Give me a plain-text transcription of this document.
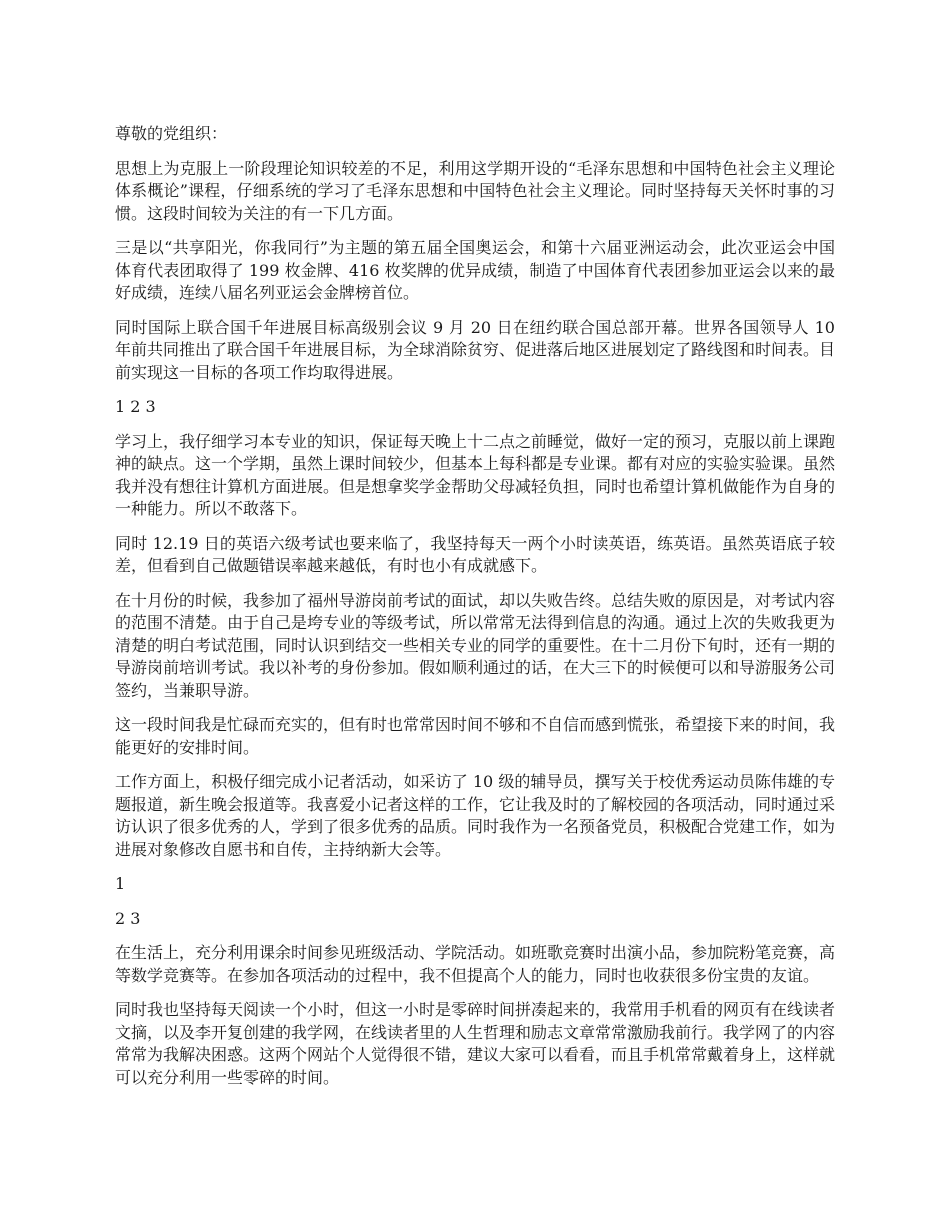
尊敬的党组织：

思想上为克服上一阶段理论知识较差的不足，利用这学期开设的“毛泽东思想和中国特色社会主义理论体系概论”课程，仔细系统的学习了毛泽东思想和中国特色社会主义理论。同时坚持每天关怀时事的习惯。这段时间较为关注的有一下几方面。

三是以“共享阳光，你我同行”为主题的第五届全国奥运会，和第十六届亚洲运动会，此次亚运会中国体育代表团取得了 199 枚金牌、416 枚奖牌的优异成绩，制造了中国体育代表团参加亚运会以来的最好成绩，连续八届名列亚运会金牌榜首位。

同时国际上联合国千年进展目标高级别会议 9 月 20 日在纽约联合国总部开幕。世界各国领导人 10 年前共同推出了联合国千年进展目标，为全球消除贫穷、促进落后地区进展划定了路线图和时间表。目前实现这一目标的各项工作均取得进展。

1 2 3

学习上，我仔细学习本专业的知识，保证每天晚上十二点之前睡觉，做好一定的预习，克服以前上课跑神的缺点。这一个学期，虽然上课时间较少，但基本上每科都是专业课。都有对应的实验实验课。虽然我并没有想往计算机方面进展。但是想拿奖学金帮助父母减轻负担，同时也希望计算机做能作为自身的一种能力。所以不敢落下。

同时 12.19 日的英语六级考试也要来临了，我坚持每天一两个小时读英语，练英语。虽然英语底子较差，但看到自己做题错误率越来越低，有时也小有成就感下。

在十月份的时候，我参加了福州导游岗前考试的面试，却以失败告终。总结失败的原因是，对考试内容的范围不清楚。由于自己是垮专业的等级考试，所以常常无法得到信息的沟通。通过上次的失败我更为清楚的明白考试范围，同时认识到结交一些相关专业的同学的重要性。在十二月份下旬时，还有一期的导游岗前培训考试。我以补考的身份参加。假如顺利通过的话，在大三下的时候便可以和导游服务公司签约，当兼职导游。

这一段时间我是忙碌而充实的，但有时也常常因时间不够和不自信而感到慌张，希望接下来的时间，我能更好的安排时间。

工作方面上，积极仔细完成小记者活动，如采访了 10 级的辅导员，撰写关于校优秀运动员陈伟雄的专题报道，新生晚会报道等。我喜爱小记者这样的工作，它让我及时的了解校园的各项活动，同时通过采访认识了很多优秀的人，学到了很多优秀的品质。同时我作为一名预备党员，积极配合党建工作，如为进展对象修改自愿书和自传，主持纳新大会等。

1

2 3

在生活上，充分利用课余时间参见班级活动、学院活动。如班歌竞赛时出演小品，参加院粉笔竞赛，高等数学竞赛等。在参加各项活动的过程中，我不但提高个人的能力，同时也收获很多份宝贵的友谊。

同时我也坚持每天阅读一个小时，但这一小时是零碎时间拼凑起来的，我常用手机看的网页有在线读者文摘，以及李开复创建的我学网，在线读者里的人生哲理和励志文章常常激励我前行。我学网了的内容常常为我解决困惑。这两个网站个人觉得很不错，建议大家可以看看，而且手机常常戴着身上，这样就可以充分利用一些零碎的时间。
